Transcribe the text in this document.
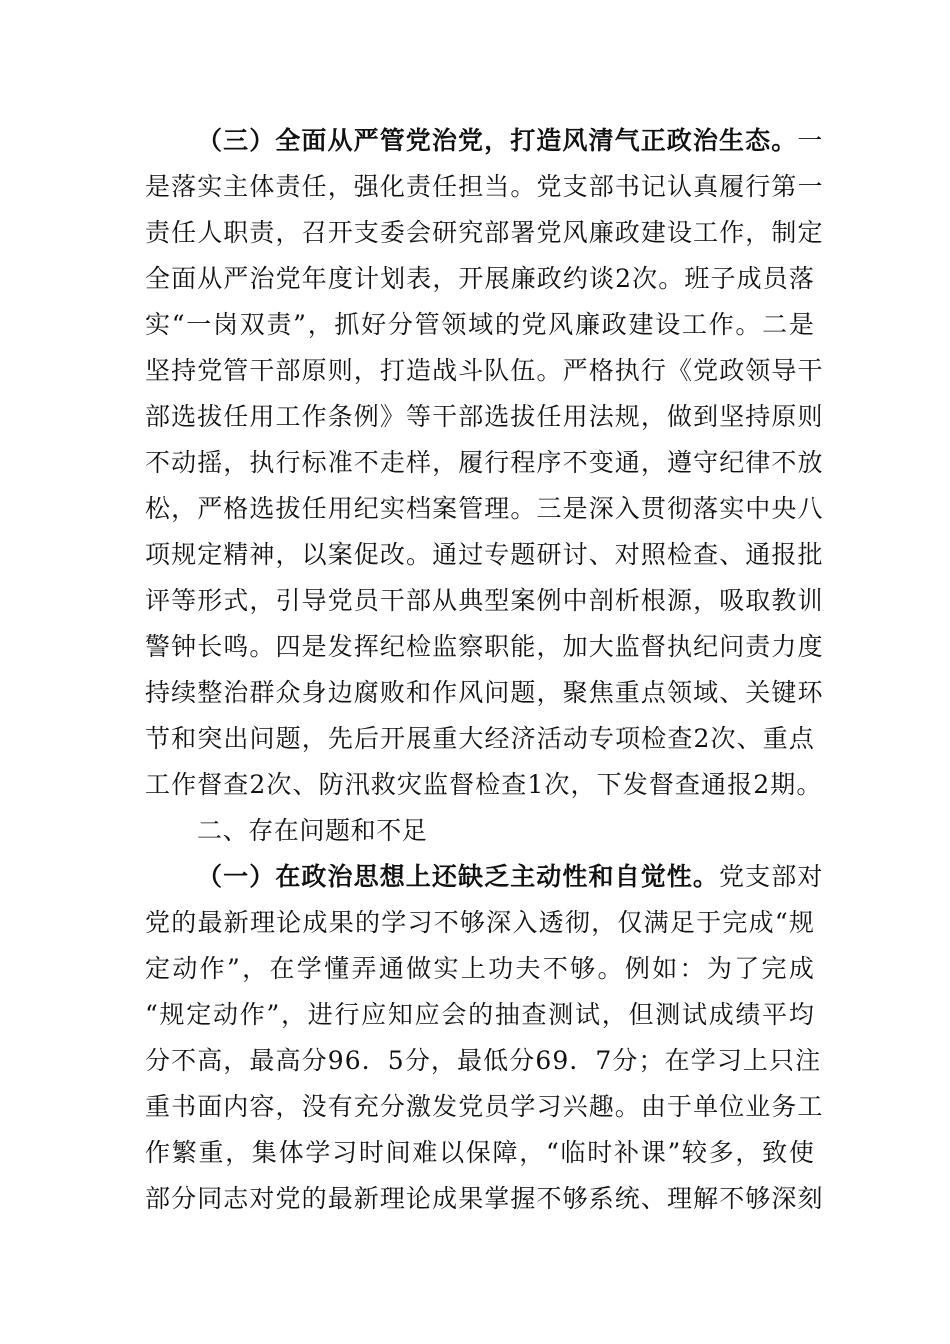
（三）全面从严管党治党，打造风清气正政治生态。一
是落实主体责任，强化责任担当。党支部书记认真履行第一
责任人职责，召开支委会研究部署党风廉政建设工作，制定
全面从严治党年度计划表，开展廉政约谈2次。班子成员落
实“一岗双责”，抓好分管领域的党风廉政建设工作。二是
坚持党管干部原则，打造战斗队伍。严格执行《党政领导干
部选拔任用工作条例》等干部选拔任用法规，做到坚持原则
不动摇，执行标准不走样，履行程序不变通，遵守纪律不放
松，严格选拔任用纪实档案管理。三是深入贯彻落实中央八
项规定精神，以案促改。通过专题研讨、对照检查、通报批
评等形式，引导党员干部从典型案例中剖析根源，吸取教训
警钟长鸣。四是发挥纪检监察职能，加大监督执纪问责力度
持续整治群众身边腐败和作风问题，聚焦重点领域、关键环
节和突出问题，先后开展重大经济活动专项检查2次、重点
工作督查2次、防汛救灾监督检查1次，下发督查通报2期。
二、存在问题和不足
（一）在政治思想上还缺乏主动性和自觉性。党支部对
党的最新理论成果的学习不够深入透彻，仅满足于完成“规
定动作”，在学懂弄通做实上功夫不够。例如：为了完成
“规定动作”，进行应知应会的抽查测试，但测试成绩平均
分不高，最高分96．5分，最低分69．7分；在学习上只注
重书面内容，没有充分激发党员学习兴趣。由于单位业务工
作繁重，集体学习时间难以保障，“临时补课”较多，致使
部分同志对党的最新理论成果掌握不够系统、理解不够深刻
